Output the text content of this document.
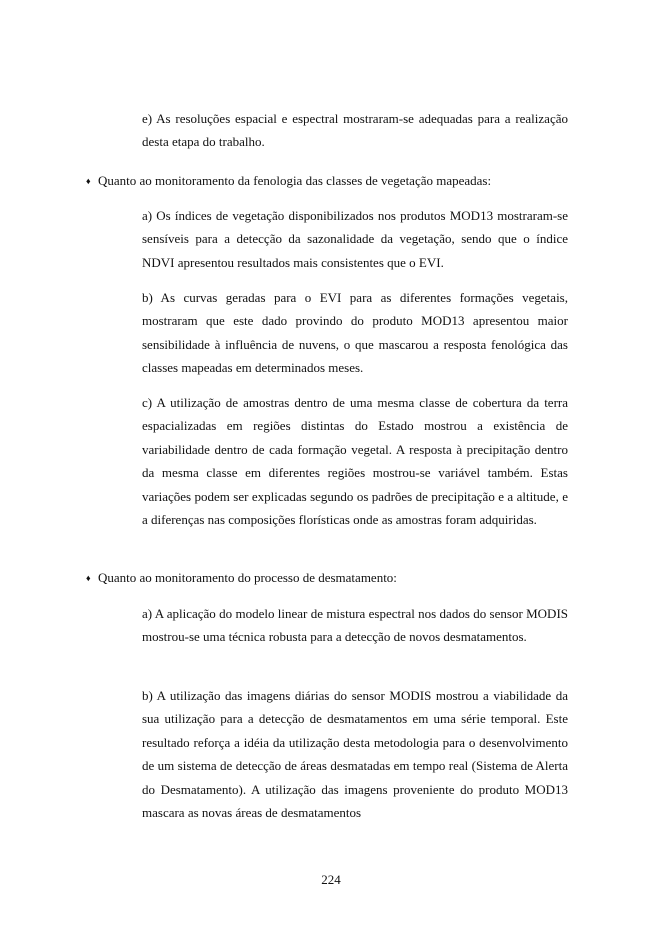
e) As resoluções espacial e espectral mostraram-se adequadas para a realização desta etapa do trabalho.

♦ Quanto ao monitoramento da fenologia das classes de vegetação mapeadas:

a) Os índices de vegetação disponibilizados nos produtos MOD13 mostraram-se sensíveis para a detecção da sazonalidade da vegetação, sendo que o índice NDVI apresentou resultados mais consistentes que o EVI.

b) As curvas geradas para o EVI para as diferentes formações vegetais, mostraram que este dado provindo do produto MOD13 apresentou maior sensibilidade à influência de nuvens, o que mascarou a resposta fenológica das classes mapeadas em determinados meses.

c) A utilização de amostras dentro de uma mesma classe de cobertura da terra espacializadas em regiões distintas do Estado mostrou a existência de variabilidade dentro de cada formação vegetal. A resposta à precipitação dentro da mesma classe em diferentes regiões mostrou-se variável também. Estas variações podem ser explicadas segundo os padrões de precipitação e a altitude, e a diferenças nas composições florísticas onde as amostras foram adquiridas.

♦ Quanto ao monitoramento do processo de desmatamento:

a) A aplicação do modelo linear de mistura espectral nos dados do sensor MODIS mostrou-se uma técnica robusta para a detecção de novos desmatamentos.

b) A utilização das imagens diárias do sensor MODIS mostrou a viabilidade da sua utilização para a detecção de desmatamentos em uma série temporal. Este resultado reforça a idéia da utilização desta metodologia para o desenvolvimento de um sistema de detecção de áreas desmatadas em tempo real (Sistema de Alerta do Desmatamento). A utilização das imagens proveniente do produto MOD13 mascara as novas áreas de desmatamentos

224
